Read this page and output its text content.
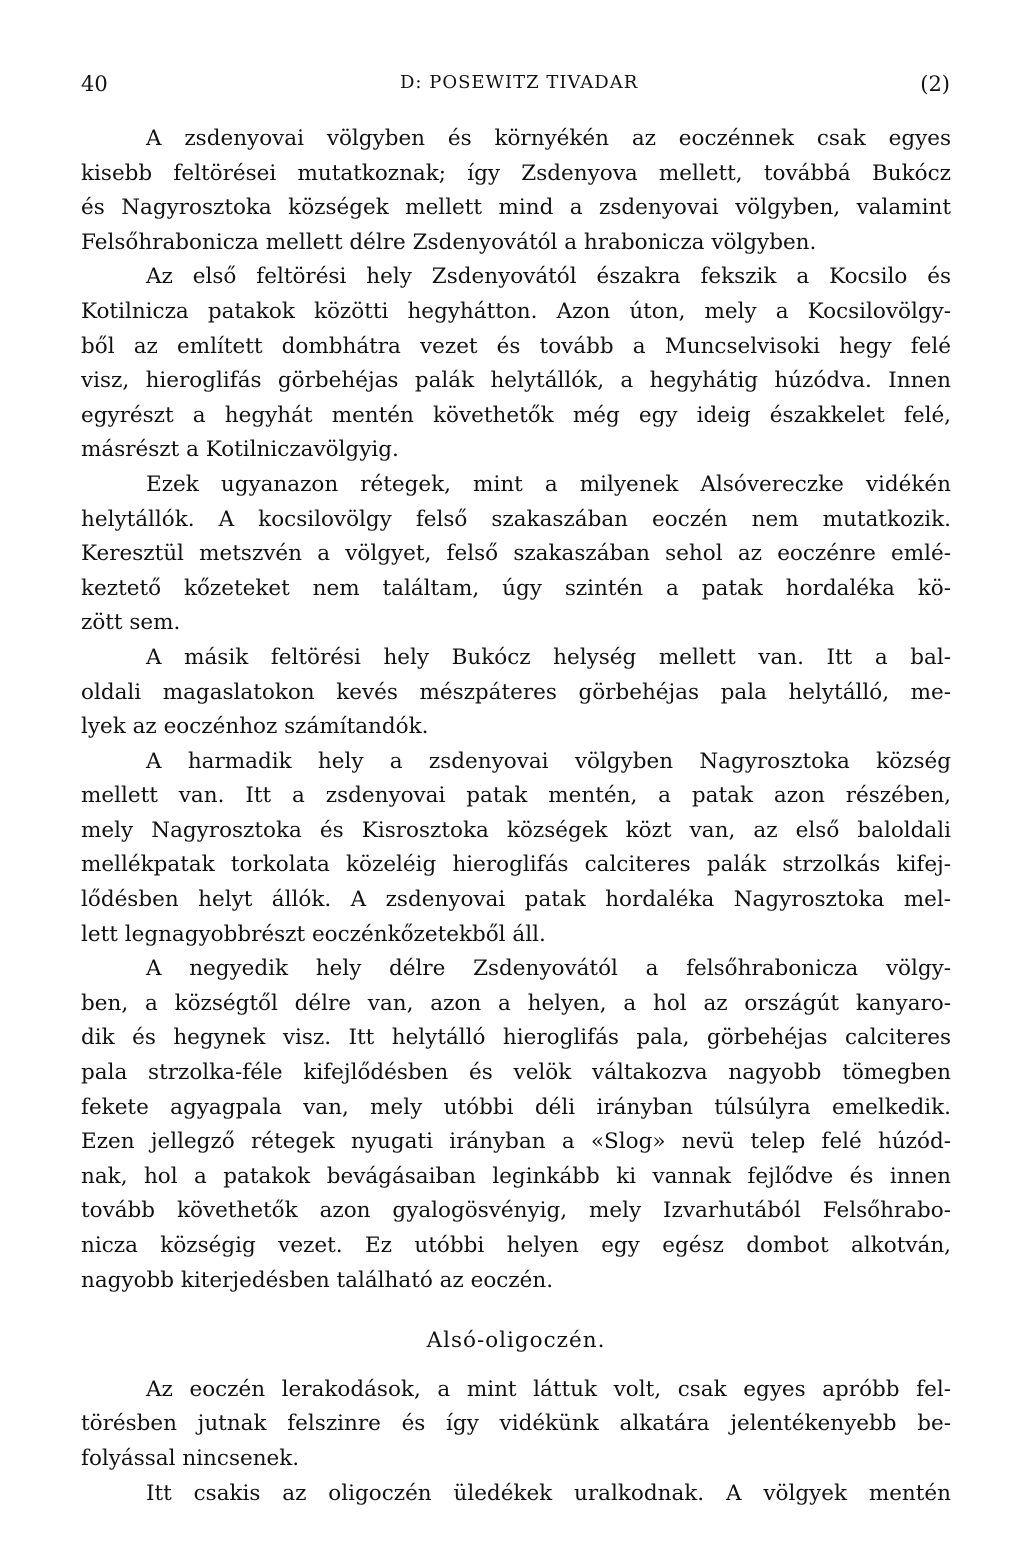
40	D: POSEWITZ TIVADAR	(2)
A zsdenyovai völgyben és környékén az eoczénnek csak egyes
kisebb feltörései mutatkoznak; így Zsdenyova mellett, továbbá Bukócz
és Nagyrosztoka községek mellett mind a zsdenyovai völgyben, valamint
Felsőhrabonicza mellett délre Zsdenyovától a hrabonicza völgyben.
Az első feltörési hely Zsdenyovától északra fekszik a Kocsilo és
Kotilnicza patakok közötti hegyhátton. Azon úton, mely a Kocsilovölgy-
ből az említett dombhátra vezet és tovább a Muncselvisoki hegy felé
visz, hieroglifás görbehéjas palák helytállók, a hegyhátig húzódva. Innen
egyrészt a hegyhát mentén követhetők még egy ideig északkelet felé,
másrészt a Kotilniczavölgyig.
Ezek ugyanazon rétegek, mint a milyenek Alsóvereczke vidékén
helytállók. A kocsilovölgy felső szakaszában eoczén nem mutatkozik.
Keresztül metszvén a völgyet, felső szakaszában sehol az eoczénre emlé-
keztető kőzeteket nem találtam, úgy szintén a patak hordaléka kö-
zött sem.
A másik feltörési hely Bukócz helység mellett van. Itt a bal-
oldali magaslatokon kevés mészpáteres görbehéjas pala helytálló, me-
lyek az eoczénhoz számítandók.
A harmadik hely a zsdenyovai völgyben Nagyrosztoka község
mellett van. Itt a zsdenyovai patak mentén, a patak azon részében,
mely Nagyrosztoka és Kisrosztoka községek közt van, az első baloldali
mellékpatak torkolata közeléig hieroglifás calciteres palák strzolkás kifej-
lődésben helyt állók. A zsdenyovai patak hordaléka Nagyrosztoka mel-
lett legnagyobbrészt eoczénkőzetekből áll.
A negyedik hely délre Zsdenyovától a felsőhrabonicza völgy-
ben, a községtől délre van, azon a helyen, a hol az országút kanyaro-
dik és hegynek visz. Itt helytálló hieroglifás pala, görbehéjas calciteres
pala strzolka-féle kifejlődésben és velök váltakozva nagyobb tömegben
fekete agyagpala van, mely utóbbi déli irányban túlsúlyra emelkedik.
Ezen jellegző rétegek nyugati irányban a «Slog» nevü telep felé húzód-
nak, hol a patakok bevágásaiban leginkább ki vannak fejlődve és innen
tovább követhetők azon gyalogösvényig, mely Izvarhutából Felsőhrabo-
nicza községig vezet. Ez utóbbi helyen egy egész dombot alkotván,
nagyobb kiterjedésben található az eoczén.
Alsó-oligoczén.
Az eoczén lerakodások, a mint láttuk volt, csak egyes apróbb fel-
törésben jutnak felszinre és így vidékünk alkatára jelentékenyebb be-
folyással nincsenek.
Itt csakis az oligoczén üledékek uralkodnak. A völgyek mentén
